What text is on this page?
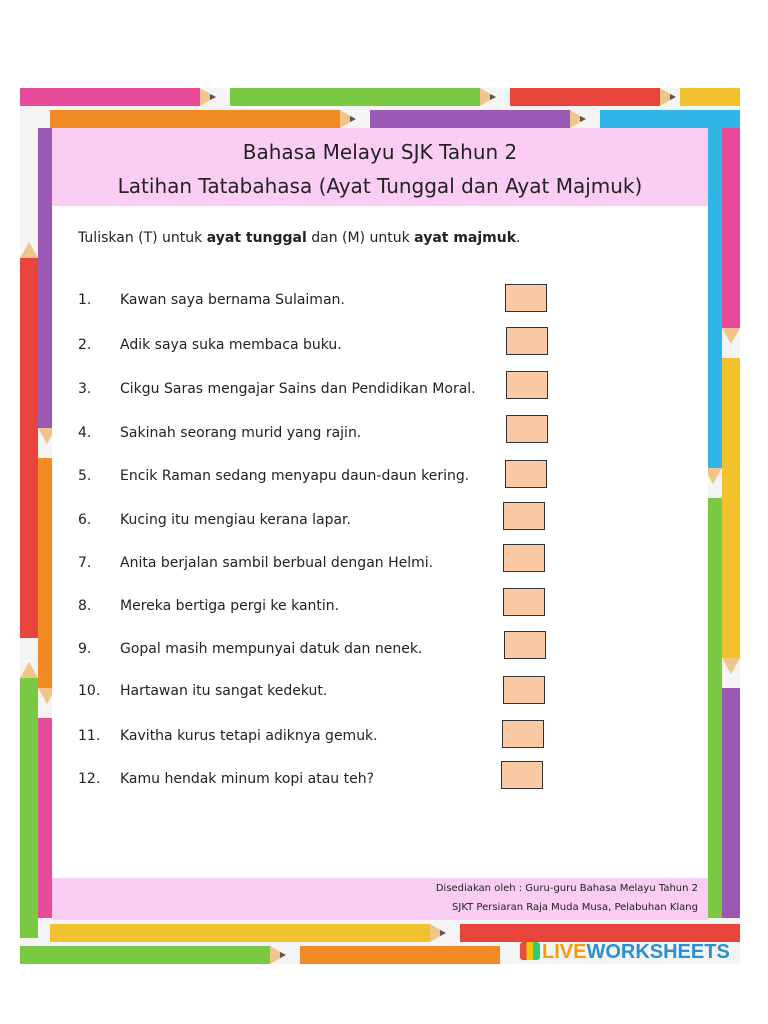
Bahasa Melayu SJK Tahun 2
Latihan Tatabahasa (Ayat Tunggal dan Ayat Majmuk)
Tuliskan (T) untuk ayat tunggal dan (M) untuk ayat majmuk.
1. Kawan saya bernama Sulaiman.
2. Adik saya suka membaca buku.
3. Cikgu Saras mengajar Sains dan Pendidikan Moral.
4. Sakinah seorang murid yang rajin.
5. Encik Raman sedang menyapu daun-daun kering.
6. Kucing itu mengiau kerana lapar.
7. Anita berjalan sambil berbual dengan Helmi.
8. Mereka bertiga pergi ke kantin.
9. Gopal masih mempunyai datuk dan nenek.
10. Hartawan itu sangat kedekut.
11. Kavitha kurus tetapi adiknya gemuk.
12. Kamu hendak minum kopi atau teh?
Disediakan oleh : Guru-guru Bahasa Melayu Tahun 2
SJKT Persiaran Raja Muda Musa, Pelabuhan Klang
LIVEWORKSHEETS
